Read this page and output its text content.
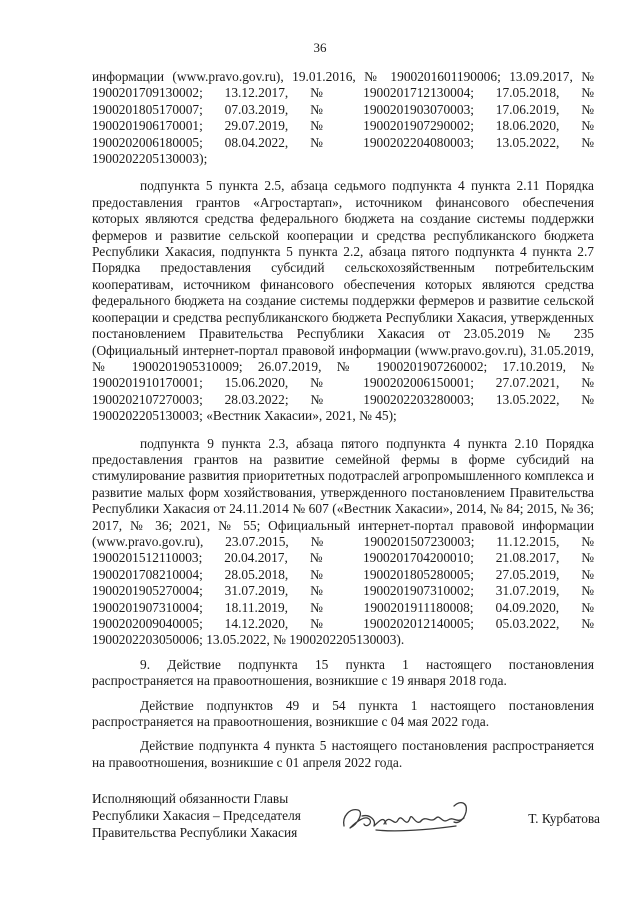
36

информации (www.pravo.gov.ru), 19.01.2016, № 1900201601190006; 13.09.2017, № 1900201709130002; 13.12.2017, № 1900201712130004; 17.05.2018, № 1900201805170007; 07.03.2019, № 1900201903070003; 17.06.2019, № 1900201906170001; 29.07.2019, № 1900201907290002; 18.06.2020, № 1900202006180005; 08.04.2022, № 1900202204080003; 13.05.2022, № 1900202205130003);

подпункта 5 пункта 2.5, абзаца седьмого подпункта 4 пункта 2.11 Порядка предоставления грантов «Агростартап», источником финансового обеспечения которых являются средства федерального бюджета на создание системы поддержки фермеров и развитие сельской кооперации и средства республиканского бюджета Республики Хакасия, подпункта 5 пункта 2.2, абзаца пятого подпункта 4 пункта 2.7 Порядка предоставления субсидий сельскохозяйственным потребительским кооперативам, источником финансового обеспечения которых являются средства федерального бюджета на создание системы поддержки фермеров и развитие сельской кооперации и средства республиканского бюджета Республики Хакасия, утвержденных постановлением Правительства Республики Хакасия от 23.05.2019 № 235 (Официальный интернет-портал правовой информации (www.pravo.gov.ru), 31.05.2019, № 1900201905310009; 26.07.2019, № 1900201907260002; 17.10.2019, № 1900201910170001; 15.06.2020, № 1900202006150001; 27.07.2021, № 1900202107270003; 28.03.2022; № 1900202203280003; 13.05.2022, № 1900202205130003; «Вестник Хакасии», 2021, № 45);

подпункта 9 пункта 2.3, абзаца пятого подпункта 4 пункта 2.10 Порядка предоставления грантов на развитие семейной фермы в форме субсидий на стимулирование развития приоритетных подотраслей агропромышленного комплекса и развитие малых форм хозяйствования, утвержденного постановлением Правительства Республики Хакасия от 24.11.2014 № 607 («Вестник Хакасии», 2014, № 84; 2015, № 36; 2017, № 36; 2021, № 55; Официальный интернет-портал правовой информации (www.pravo.gov.ru), 23.07.2015, № 1900201507230003; 11.12.2015, № 1900201512110003; 20.04.2017, № 1900201704200010; 21.08.2017, № 1900201708210004; 28.05.2018, № 1900201805280005; 27.05.2019, № 1900201905270004; 31.07.2019, № 1900201907310002; 31.07.2019, № 1900201907310004; 18.11.2019, № 1900201911180008; 04.09.2020, № 1900202009040005; 14.12.2020, № 1900202012140005; 05.03.2022, № 1900202203050006; 13.05.2022, № 1900202205130003).

9. Действие подпункта 15 пункта 1 настоящего постановления распространяется на правоотношения, возникшие с 19 января 2018 года.

Действие подпунктов 49 и 54 пункта 1 настоящего постановления распространяется на правоотношения, возникшие с 04 мая 2022 года.

Действие подпункта 4 пункта 5 настоящего постановления распространяется на правоотношения, возникшие с 01 апреля 2022 года.

Исполняющий обязанности Главы
Республики Хакасия – Председателя
Правительства Республики Хакасия
Т. Курбатова
